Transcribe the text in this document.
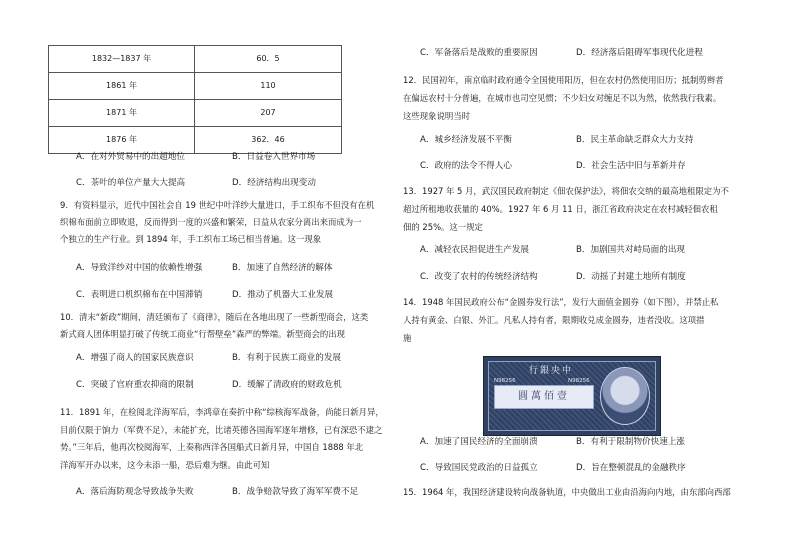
1832—1837 年	60．5
1861 年	110
1871 年	207
1876 年	362．46
A．在对外贸易中的出超地位	B．日益卷入世界市场
C．茶叶的单位产量大大提高	D．经济结构出现变动
9．有资料显示，近代中国社会自 19 世纪中叶洋纱大量进口，手工织布不但没有在机
织棉布面前立即败退，反而得到一度的兴盛和繁荣，日益从农家分离出来而成为一
个独立的生产行业。到 1894 年，手工织布工场已相当普遍。这一现象
A．导致洋纱对中国的依赖性增强	B．加速了自然经济的解体
C．表明进口机织棉布在中国滞销	D．推动了机器大工业发展
10．清末“新政”期间，清廷颁布了《商律》，随后在各地出现了一些新型商会，这类
新式商人团体明显打破了传统工商业“行帮壁垒”森严的弊端。新型商会的出现
A．增强了商人的国家民族意识	B．有利于民族工商业的发展
C．突破了官府重农抑商的限制	D．缓解了清政府的财政危机
11．1891 年，在检阅北洋海军后，李鸿章在奏折中称“综核海军战备，尚能日新月异，
目前仅限于饷力（军费不足），未能扩充，比诸英德各国海军逐年增修，已有深恐不逮之
势。”三年后，他再次校阅海军，上奏称西洋各国船式日新月异，中国自 1888 年北
洋海军开办以来，这今未添一船，恐后难为继。由此可知
A．落后海防观念导致战争失败	B．战争赔款导致了海军军费不足
C．军备落后是战败的重要原因	D．经济落后阻碍军事现代化进程
12．民国初年，南京临时政府通令全国使用阳历，但在农村仍然使用旧历；抵制剪辫者
在偏远农村十分普遍，在城市也司空见惯；不少妇女对缠足不以为然，依然我行我素。
这些现象说明当时
A．城乡经济发展不平衡	B．民主革命缺乏群众大力支持
C．政府的法令不得人心	D．社会生活中旧与革新并存
13．1927 年 5 月，武汉国民政府制定《佃农保护法》，将佃农交纳的最高地租限定为不
超过所租地收获量的 40%。1927 年 6 月 11 日，浙江省政府决定在农村减轻佃农租
佃的 25%。这一规定
A．减轻农民担促进生产发展	B．加剧国共对峙局面的出现
C．改变了农村的传统经济结构	D．动摇了封建土地所有制度
14．1948 年国民政府公布“金圆券发行法”，发行大面值金圆券（如下图），并禁止私
人持有黄金、白银、外汇。凡私人持有者，限期收兑成金圆券，违者没收。这项措
施
行銀央中
N98256	N98256
圓萬佰壹
A．加速了国民经济的全面崩溃	B．有利于限制物价快速上涨
C．导致国民党政治的日益孤立	D．旨在整顿混乱的金融秩序
15．1964 年，我国经济建设转向战备轨道，中央做出工业由沿海向内地，由东部向西部
